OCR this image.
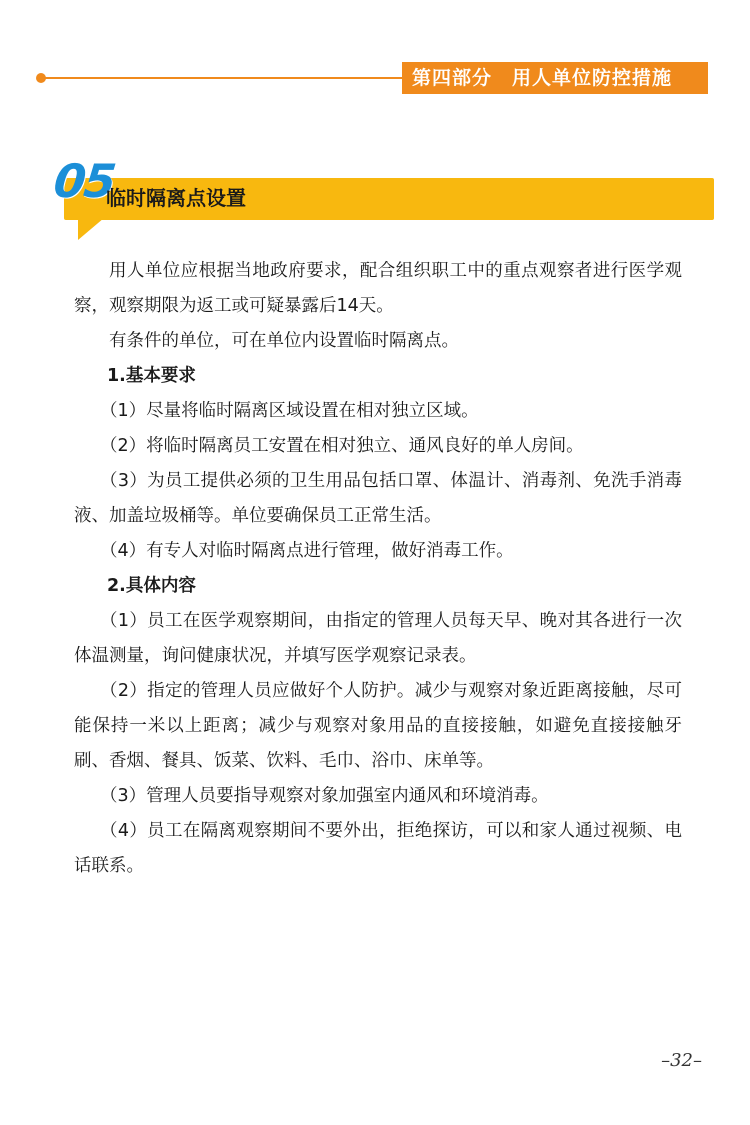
第四部分　用人单位防控措施
05
临时隔离点设置

用人单位应根据当地政府要求，配合组织职工中的重点观察者进行医学观察，观察期限为返工或可疑暴露后14天。

有条件的单位，可在单位内设置临时隔离点。

1.基本要求

（1）尽量将临时隔离区域设置在相对独立区域。

（2）将临时隔离员工安置在相对独立、通风良好的单人房间。

（3）为员工提供必须的卫生用品包括口罩、体温计、消毒剂、免洗手消毒液、加盖垃圾桶等。单位要确保员工正常生活。

（4）有专人对临时隔离点进行管理，做好消毒工作。

2.具体内容

（1）员工在医学观察期间，由指定的管理人员每天早、晚对其各进行一次体温测量，询问健康状况，并填写医学观察记录表。

（2）指定的管理人员应做好个人防护。减少与观察对象近距离接触，尽可能保持一米以上距离；减少与观察对象用品的直接接触，如避免直接接触牙刷、香烟、餐具、饭菜、饮料、毛巾、浴巾、床单等。

（3）管理人员要指导观察对象加强室内通风和环境消毒。

（4）员工在隔离观察期间不要外出，拒绝探访，可以和家人通过视频、电话联系。

–32–
